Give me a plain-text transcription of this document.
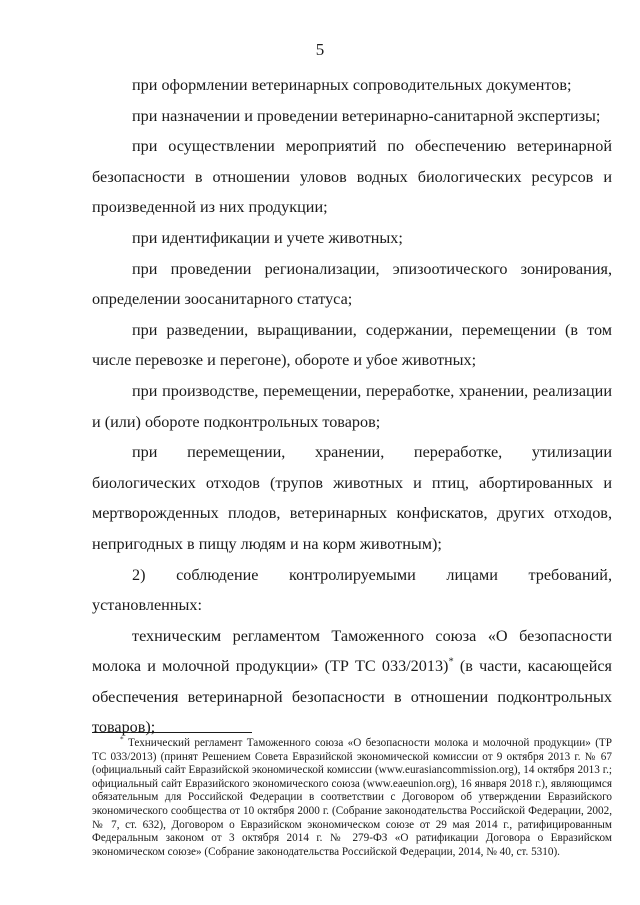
5

при оформлении ветеринарных сопроводительных документов;

при назначении и проведении ветеринарно-санитарной экспертизы;

при осуществлении мероприятий по обеспечению ветеринарной безопасности в отношении уловов водных биологических ресурсов и произведенной из них продукции;

при идентификации и учете животных;

при проведении регионализации, эпизоотического зонирования, определении зоосанитарного статуса;

при разведении, выращивании, содержании, перемещении (в том числе перевозке и перегоне), обороте и убое животных;

при производстве, перемещении, переработке, хранении, реализации и (или) обороте подконтрольных товаров;

при перемещении, хранении, переработке, утилизации биологических отходов (трупов животных и птиц, абортированных и мертворожденных плодов, ветеринарных конфискатов, других отходов, непригодных в пищу людям и на корм животным);

2) соблюдение контролируемыми лицами требований, установленных:

техническим регламентом Таможенного союза «О безопасности молока и молочной продукции» (ТР ТС 033/2013)* (в части, касающейся обеспечения ветеринарной безопасности в отношении подконтрольных товаров);

* Технический регламент Таможенного союза «О безопасности молока и молочной продукции» (ТР ТС 033/2013) (принят Решением Совета Евразийской экономической комиссии от 9 октября 2013 г. № 67 (официальный сайт Евразийской экономической комиссии (www.eurasiancommission.org), 14 октября 2013 г.; официальный сайт Евразийского экономического союза (www.eaeunion.org), 16 января 2018 г.), являющимся обязательным для Российской Федерации в соответствии с Договором об утверждении Евразийского экономического сообщества от 10 октября 2000 г. (Собрание законодательства Российской Федерации, 2002, № 7, ст. 632), Договором о Евразийском экономическом союзе от 29 мая 2014 г., ратифицированным Федеральным законом от 3 октября 2014 г. № 279-ФЗ «О ратификации Договора о Евразийском экономическом союзе» (Собрание законодательства Российской Федерации, 2014, № 40, ст. 5310).
